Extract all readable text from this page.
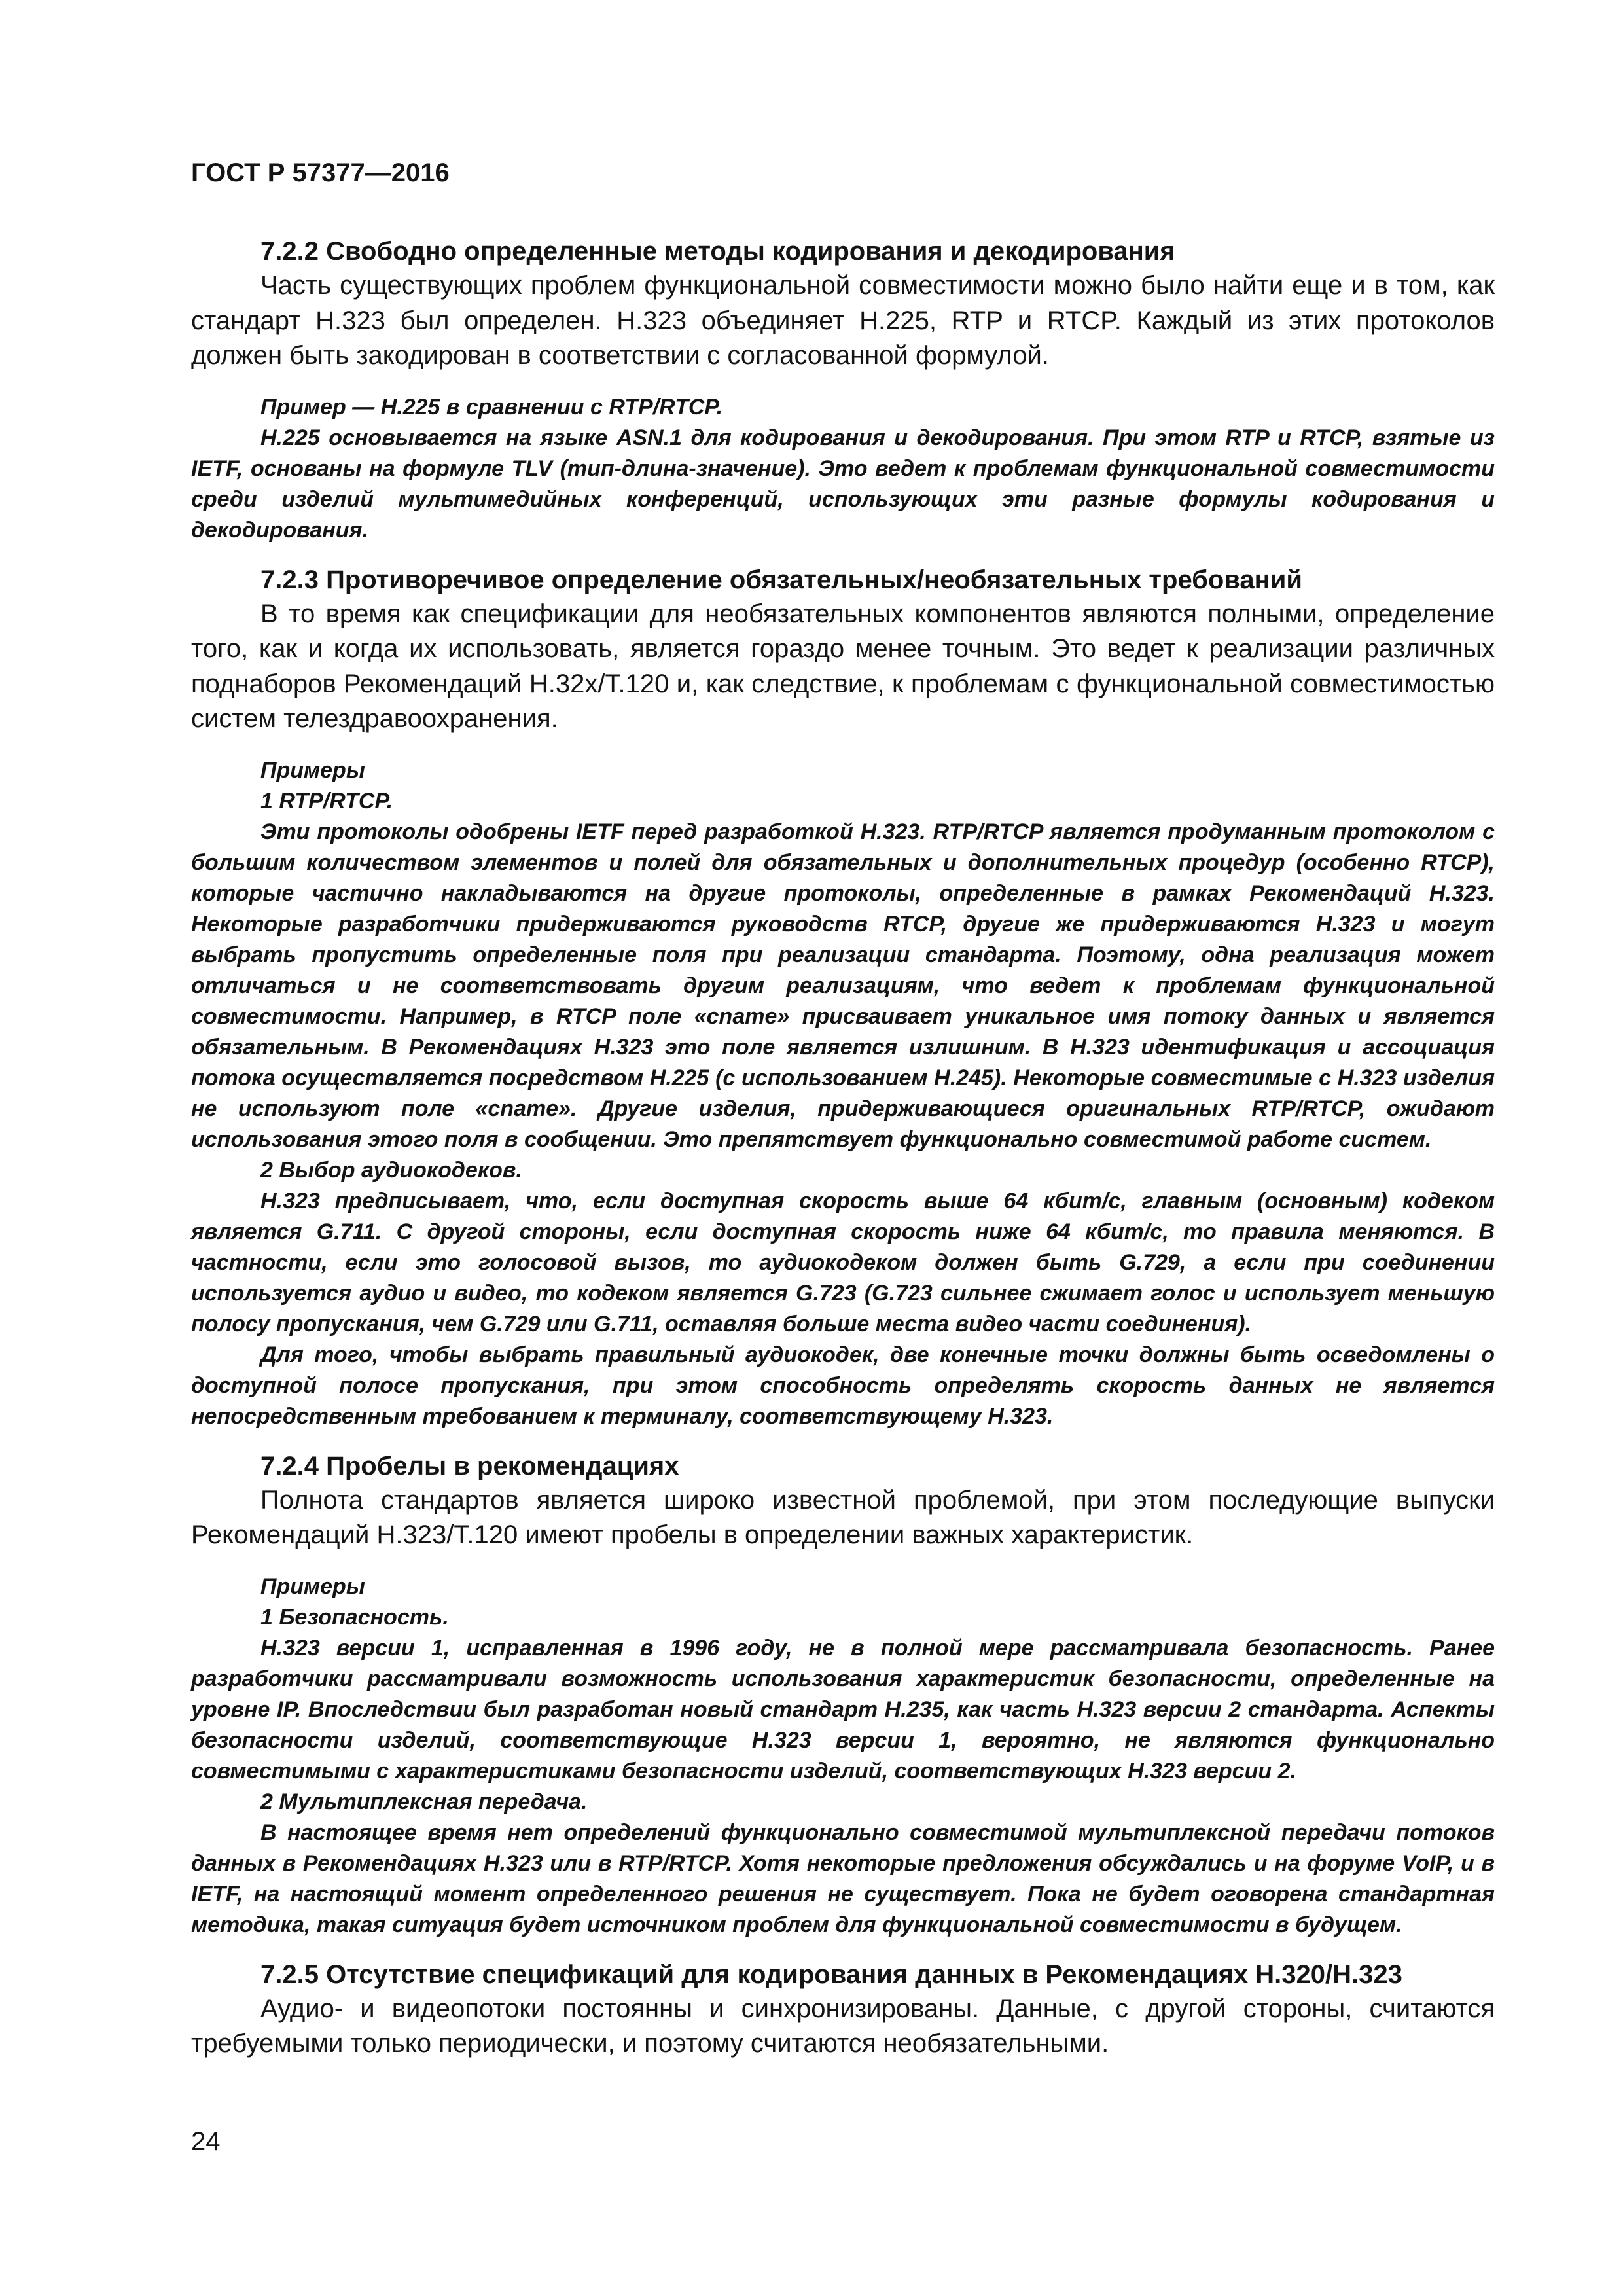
ГОСТ Р 57377—2016

7.2.2 Свободно определенные методы кодирования и декодирования

Часть существующих проблем функциональной совместимости можно было найти еще и в том, как стандарт H.323 был определен. H.323 объединяет H.225, RTP и RTCP. Каждый из этих протоколов должен быть закодирован в соответствии с согласованной формулой.

Пример — H.225 в сравнении с RTP/RTCP.

H.225 основывается на языке ASN.1 для кодирования и декодирования. При этом RTP и RTCP, взятые из IETF, основаны на формуле TLV (тип-длина-значение). Это ведет к проблемам функциональной совместимости среди изделий мультимедийных конференций, использующих эти разные формулы кодирования и декодирования.

7.2.3 Противоречивое определение обязательных/необязательных требований

В то время как спецификации для необязательных компонентов являются полными, определение того, как и когда их использовать, является гораздо менее точным. Это ведет к реализации различных поднаборов Рекомендаций H.32x/T.120 и, как следствие, к проблемам с функциональной совместимостью систем телездравоохранения.

Примеры

1 RTP/RTCP.

Эти протоколы одобрены IETF перед разработкой H.323. RTP/RTCP является продуманным протоколом с большим количеством элементов и полей для обязательных и дополнительных процедур (особенно RTCP), которые частично накладываются на другие протоколы, определенные в рамках Рекомендаций H.323. Некоторые разработчики придерживаются руководств RTCP, другие же придерживаются H.323 и могут выбрать пропустить определенные поля при реализации стандарта. Поэтому, одна реализация может отличаться и не соответствовать другим реализациям, что ведет к проблемам функциональной совместимости. Например, в RTCP поле «cname» присваивает уникальное имя потоку данных и является обязательным. В Рекомендациях H.323 это поле является излишним. В H.323 идентификация и ассоциация потока осуществляется посредством H.225 (с использованием H.245). Некоторые совместимые с H.323 изделия не используют поле «cname». Другие изделия, придерживающиеся оригинальных RTP/RTCP, ожидают использования этого поля в сообщении. Это препятствует функционально совместимой работе систем.

2 Выбор аудиокодеков.

H.323 предписывает, что, если доступная скорость выше 64 кбит/с, главным (основным) кодеком является G.711. С другой стороны, если доступная скорость ниже 64 кбит/с, то правила меняются. В частности, если это голосовой вызов, то аудиокодеком должен быть G.729, а если при соединении используется аудио и видео, то кодеком является G.723 (G.723 сильнее сжимает голос и использует меньшую полосу пропускания, чем G.729 или G.711, оставляя больше места видео части соединения).

Для того, чтобы выбрать правильный аудиокодек, две конечные точки должны быть осведомлены о доступной полосе пропускания, при этом способность определять скорость данных не является непосредственным требованием к терминалу, соответствующему H.323.

7.2.4 Пробелы в рекомендациях

Полнота стандартов является широко известной проблемой, при этом последующие выпуски Рекомендаций H.323/T.120 имеют пробелы в определении важных характеристик.

Примеры

1 Безопасность.

H.323 версии 1, исправленная в 1996 году, не в полной мере рассматривала безопасность. Ранее разработчики рассматривали возможность использования характеристик безопасности, определенные на уровне IP. Впоследствии был разработан новый стандарт H.235, как часть H.323 версии 2 стандарта. Аспекты безопасности изделий, соответствующие H.323 версии 1, вероятно, не являются функционально совместимыми с характеристиками безопасности изделий, соответствующих H.323 версии 2.

2 Мультиплексная передача.

В настоящее время нет определений функционально совместимой мультиплексной передачи потоков данных в Рекомендациях H.323 или в RTP/RTCP. Хотя некоторые предложения обсуждались и на форуме VoIP, и в IETF, на настоящий момент определенного решения не существует. Пока не будет оговорена стандартная методика, такая ситуация будет источником проблем для функциональной совместимости в будущем.

7.2.5 Отсутствие спецификаций для кодирования данных в Рекомендациях H.320/H.323

Аудио- и видеопотоки постоянны и синхронизированы. Данные, с другой стороны, считаются требуемыми только периодически, и поэтому считаются необязательными.

24
